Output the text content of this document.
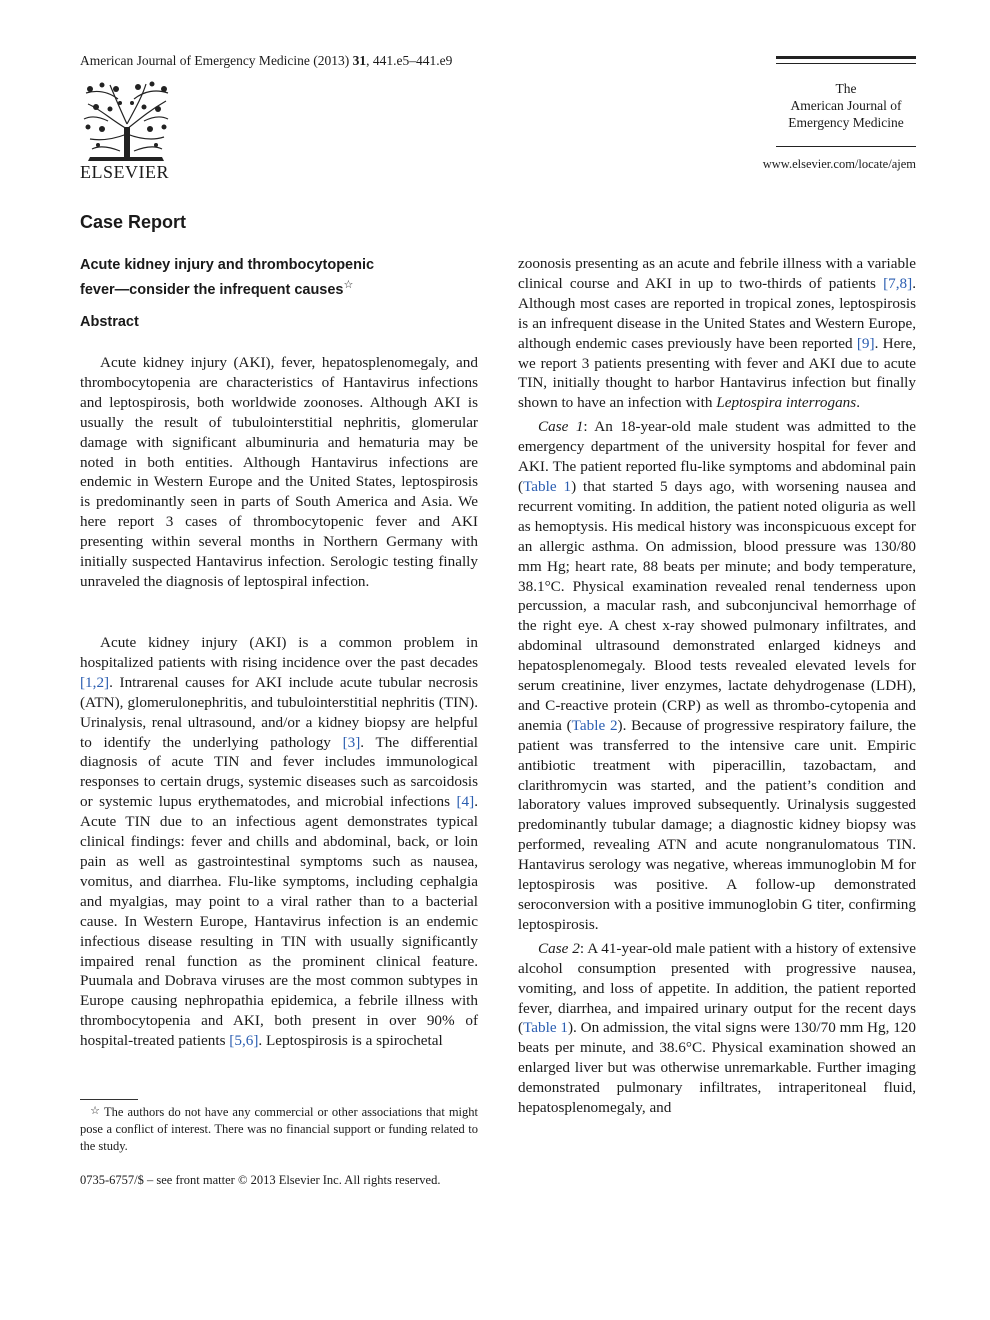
American Journal of Emergency Medicine (2013) 31, 441.e5–441.e9
ELSEVIER
The
American Journal of
Emergency Medicine
www.elsevier.com/locate/ajem
Case Report
Acute kidney injury and thrombocytopenic
fever—consider the infrequent causes☆
Abstract

Acute kidney injury (AKI), fever, hepatosplenomegaly, and thrombocytopenia are characteristics of Hantavirus infections and leptospirosis, both worldwide zoonoses. Although AKI is usually the result of tubulointerstitial nephritis, glomerular damage with significant albuminuria and hematuria may be noted in both entities. Although Hantavirus infections are endemic in Western Europe and the United States, leptospirosis is predominantly seen in parts of South America and Asia. We here report 3 cases of thrombocytopenic fever and AKI presenting within several months in Northern Germany with initially suspected Hantavirus infection. Serologic testing finally unraveled the diagnosis of leptospiral infection.

Acute kidney injury (AKI) is a common problem in hospitalized patients with rising incidence over the past decades [1,2]. Intrarenal causes for AKI include acute tubular necrosis (ATN), glomerulonephritis, and tubulointerstitial nephritis (TIN). Urinalysis, renal ultrasound, and/or a kidney biopsy are helpful to identify the underlying pathology [3]. The differential diagnosis of acute TIN and fever includes immunological responses to certain drugs, systemic diseases such as sarcoidosis or systemic lupus erythematodes, and microbial infections [4]. Acute TIN due to an infectious agent demonstrates typical clinical findings: fever and chills and abdominal, back, or loin pain as well as gastrointestinal symptoms such as nausea, vomitus, and diarrhea. Flu-like symptoms, including cephalgia and myalgias, may point to a viral rather than to a bacterial cause. In Western Europe, Hantavirus infection is an endemic infectious disease resulting in TIN with usually significantly impaired renal function as the prominent clinical feature. Puumala and Dobrava viruses are the most common subtypes in Europe causing nephropathia epidemica, a febrile illness with thrombocytopenia and AKI, both present in over 90% of hospital-treated patients [5,6]. Leptospirosis is a spirochetal

☆ The authors do not have any commercial or other associations that might pose a conflict of interest. There was no financial support or funding related to the study.
0735-6757/$ – see front matter © 2013 Elsevier Inc. All rights reserved.

zoonosis presenting as an acute and febrile illness with a variable clinical course and AKI in up to two-thirds of patients [7,8]. Although most cases are reported in tropical zones, leptospirosis is an infrequent disease in the United States and Western Europe, although endemic cases previously have been reported [9]. Here, we report 3 patients presenting with fever and AKI due to acute TIN, initially thought to harbor Hantavirus infection but finally shown to have an infection with Leptospira interrogans.

Case 1: An 18-year-old male student was admitted to the emergency department of the university hospital for fever and AKI. The patient reported flu-like symptoms and abdominal pain (Table 1) that started 5 days ago, with worsening nausea and recurrent vomiting. In addition, the patient noted oliguria as well as hemoptysis. His medical history was inconspicuous except for an allergic asthma. On admission, blood pressure was 130/80 mm Hg; heart rate, 88 beats per minute; and body temperature, 38.1°C. Physical examination revealed renal tenderness upon percussion, a macular rash, and subconjuncival hemorrhage of the right eye. A chest x-ray showed pulmonary infiltrates, and abdominal ultrasound demonstrated enlarged kidneys and hepatosplenomegaly. Blood tests revealed elevated levels for serum creatinine, liver enzymes, lactate dehydrogenase (LDH), and C-reactive protein (CRP) as well as thrombo-cytopenia and anemia (Table 2). Because of progressive respiratory failure, the patient was transferred to the intensive care unit. Empiric antibiotic treatment with piperacillin, tazobactam, and clarithromycin was started, and the patient’s condition and laboratory values improved subsequently. Urinalysis suggested predominantly tubular damage; a diagnostic kidney biopsy was performed, revealing ATN and acute nongranulomatous TIN. Hantavirus serology was negative, whereas immunoglobin M for leptospirosis was positive. A follow-up demonstrated seroconversion with a positive immunoglobin G titer, confirming leptospirosis.

Case 2: A 41-year-old male patient with a history of extensive alcohol consumption presented with progressive nausea, vomiting, and loss of appetite. In addition, the patient reported fever, diarrhea, and impaired urinary output for the recent days (Table 1). On admission, the vital signs were 130/70 mm Hg, 120 beats per minute, and 38.6°C. Physical examination showed an enlarged liver but was otherwise unremarkable. Further imaging demonstrated pulmonary infiltrates, intraperitoneal fluid, hepatosplenomegaly, and
